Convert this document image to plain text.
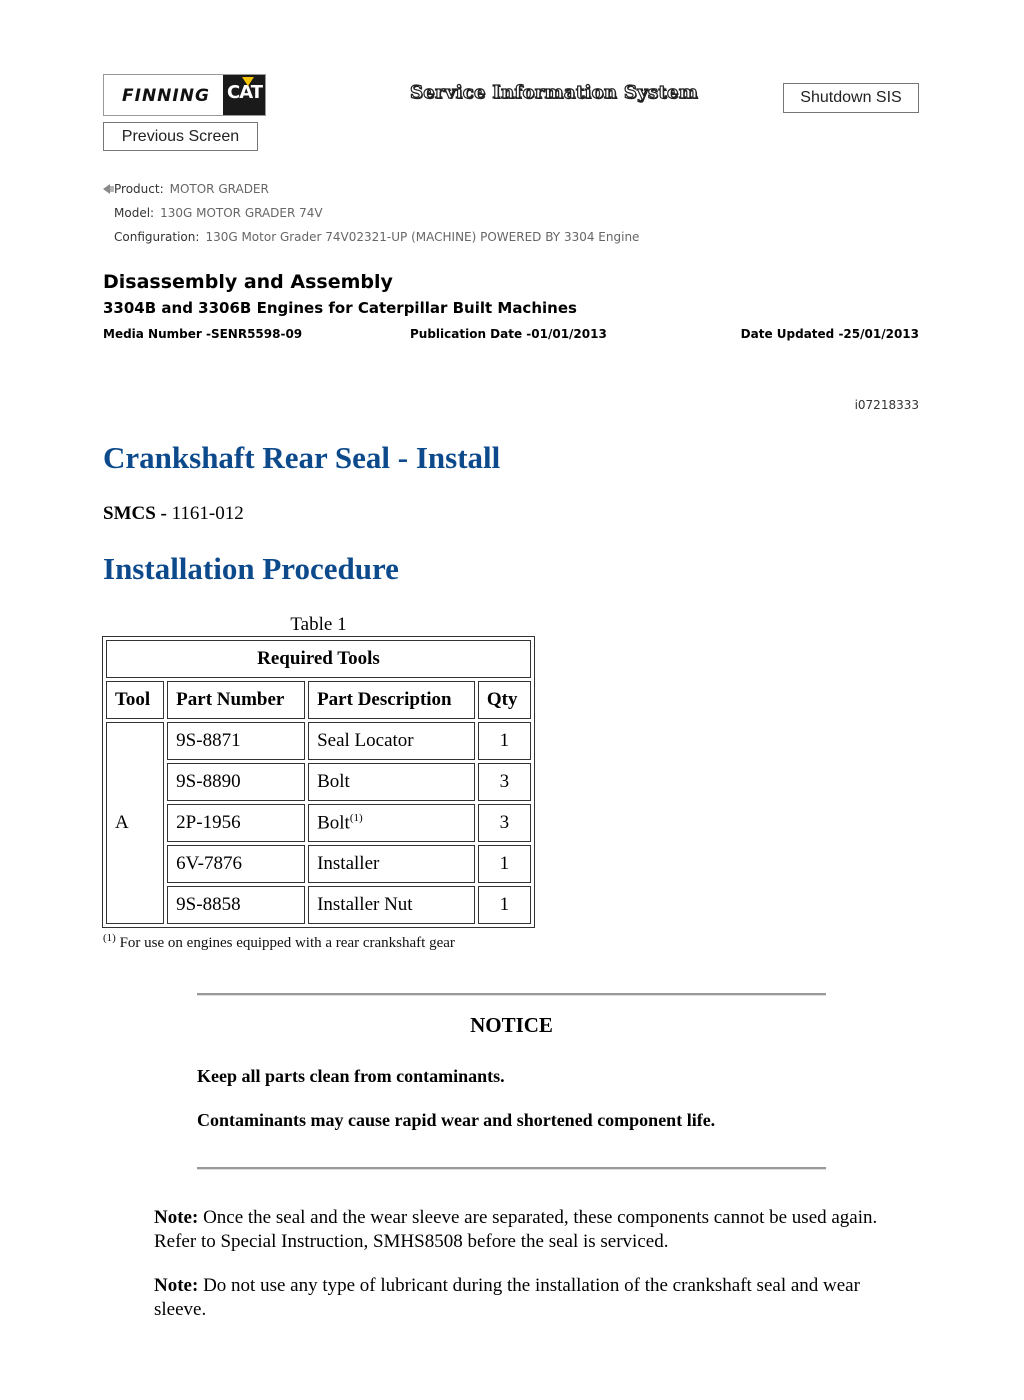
FINNING CAT	Service Information System	Shutdown SIS
Previous Screen
Product: MOTOR GRADER
Model: 130G MOTOR GRADER 74V
Configuration: 130G Motor Grader 74V02321-UP (MACHINE) POWERED BY 3304 Engine
Disassembly and Assembly
3304B and 3306B Engines for Caterpillar Built Machines
Media Number -SENR5598-09	Publication Date -01/01/2013	Date Updated -25/01/2013
i07218333
Crankshaft Rear Seal - Install
SMCS - 1161-012
Installation Procedure
Table 1
Required Tools			
Tool	Part Number	Part Description	Qty
A	9S-8871	Seal Locator	1
	9S-8890	Bolt	3
	2P-1956	Bolt$^{(1)}$	3
	6V-7876	Installer	1
	9S-8858	Installer Nut	1
$^{(1)}$ For use on engines equipped with a rear crankshaft gear
NOTICE
Keep all parts clean from contaminants.
Contaminants may cause rapid wear and shortened component life.
Note: Once the seal and the wear sleeve are separated, these components cannot be used again. Refer to Special Instruction, SMHS8508 before the seal is serviced.
Note: Do not use any type of lubricant during the installation of the crankshaft seal and wear sleeve.
